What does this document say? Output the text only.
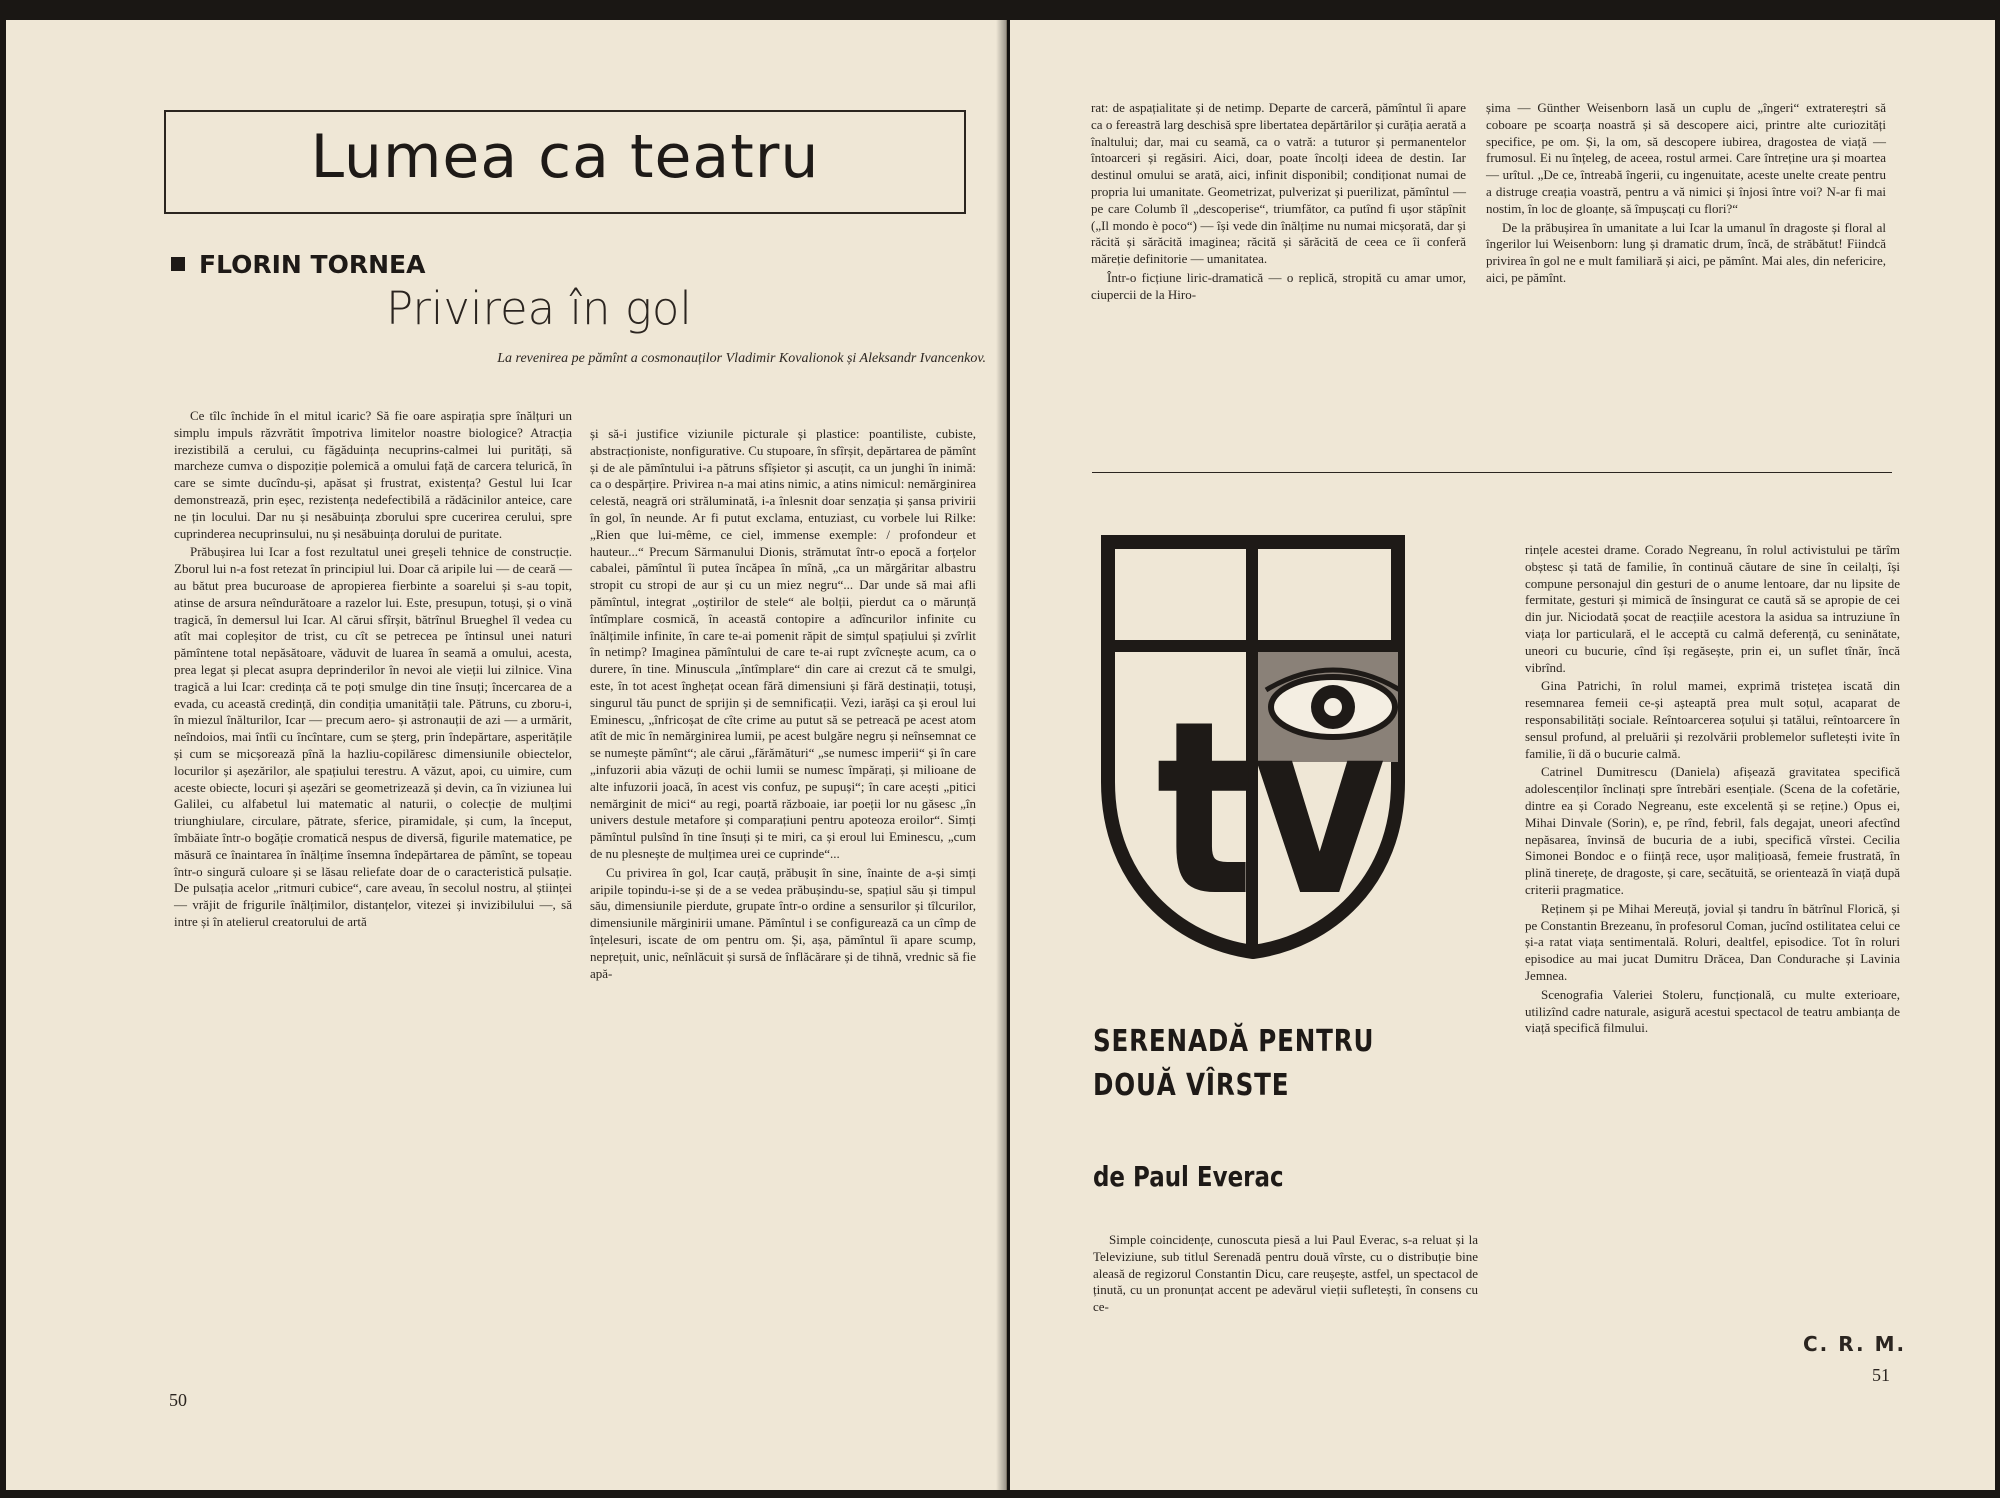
Lumea ca teatru
FLORIN TORNEA
Privirea în gol
La revenirea pe pămînt a cosmonauților Vladimir Kovalionok și Aleksandr Ivancenkov.

Ce tîlc închide în el mitul icaric? Să fie oare aspirația spre înălțuri un simplu impuls răzvrătit împotriva limitelor noastre biologice? Atracția irezistibilă a cerului, cu făgăduința necuprins-calmei lui purități, să marcheze cumva o dispoziție polemică a omului față de carcera telurică, în care se simte ducîndu-și, apăsat și frustrat, existența? Gestul lui Icar demonstrează, prin eșec, rezistența nedefectibilă a rădăcinilor anteice, care ne țin locului. Dar nu și nesăbuința zborului spre cucerirea cerului, spre cuprinderea necuprinsului, nu și nesăbuința dorului de puritate.

Prăbușirea lui Icar a fost rezultatul unei greșeli tehnice de construcție. Zborul lui n-a fost retezat în principiul lui. Doar că aripile lui — de ceară — au bătut prea bucuroase de apropierea fierbinte a soarelui și s-au topit, atinse de arsura neîndurătoare a razelor lui. Este, presupun, totuși, și o vină tragică, în demersul lui Icar. Al cărui sfîrșit, bătrînul Brueghel îl vedea cu atît mai copleșitor de trist, cu cît se petrecea pe întinsul unei naturi pămîntene total nepăsătoare, văduvit de luarea în seamă a omului, acesta, prea legat și plecat asupra deprinderilor în nevoi ale vieții lui zilnice. Vina tragică a lui Icar: credința că te poți smulge din tine însuți; încercarea de a evada, cu această credință, din condiția umanității tale. Pătruns, cu zboru-i, în miezul înălturilor, Icar — precum aero- și astronauții de azi — a urmărit, neîndoios, mai întîi cu încîntare, cum se șterg, prin îndepărtare, asperitățile și cum se micșorează pînă la hazliu-copilăresc dimensiunile obiectelor, locurilor și așezărilor, ale spațiului terestru. A văzut, apoi, cu uimire, cum aceste obiecte, locuri și așezări se geometrizează și devin, ca în viziunea lui Galilei, cu alfabetul lui matematic al naturii, o colecție de mulțimi triunghiulare, circulare, pătrate, sferice, piramidale, și cum, la început, îmbăiate într-o bogăție cromatică nespus de diversă, figurile matematice, pe măsură ce înaintarea în înălțime însemna îndepărtarea de pămînt, se topeau într-o singură culoare și se lăsau reliefate doar de o caracteristică pulsație. De pulsația acelor „ritmuri cubice“, care aveau, în secolul nostru, al științei — vrăjit de frigurile înălțimilor, distanțelor, vitezei și invizibilului —, să intre și în atelierul creatorului de artă

și să-i justifice viziunile picturale și plastice: poantiliste, cubiste, abstracționiste, nonfigurative. Cu stupoare, în sfîrșit, depărtarea de pămînt și de ale pămîntului i-a pătruns sfîșietor și ascuțit, ca un junghi în inimă: ca o despărțire. Privirea n-a mai atins nimic, a atins nimicul: nemărginirea celestă, neagră ori străluminată, i-a înlesnit doar senzația și șansa privirii în gol, în neunde. Ar fi putut exclama, entuziast, cu vorbele lui Rilke: „Rien que lui-même, ce ciel, immense exemple: / profondeur et hauteur...“ Precum Sărmanului Dionis, strămutat într-o epocă a forțelor cabalei, pămîntul îi putea încăpea în mînă, „ca un mărgăritar albastru stropit cu stropi de aur și cu un miez negru“... Dar unde să mai afli pămîntul, integrat „oștirilor de stele“ ale bolții, pierdut ca o mărunță întîmplare cosmică, în această contopire a adîncurilor infinite cu înălțimile infinite, în care te-ai pomenit răpit de simțul spațiului și zvîrlit în netimp? Imaginea pămîntului de care te-ai rupt zvîcnește acum, ca o durere, în tine. Minuscula „întîmplare“ din care ai crezut că te smulgi, este, în tot acest înghețat ocean fără dimensiuni și fără destinații, totuși, singurul tău punct de sprijin și de semnificații. Vezi, iarăși ca și eroul lui Eminescu, „înfricoșat de cîte crime au putut să se petreacă pe acest atom atît de mic în nemărginirea lumii, pe acest bulgăre negru și neînsemnat ce se numește pămînt“; ale cărui „fărămături“ „se numesc imperii“ și în care „infuzorii abia văzuți de ochii lumii se numesc împărați, și milioane de alte infuzorii joacă, în acest vis confuz, pe supuși“; în care acești „pitici nemărginit de mici“ au regi, poartă războaie, iar poeții lor nu găsesc „în univers destule metafore și comparațiuni pentru apoteoza eroilor“. Simți pămîntul pulsînd în tine însuți și te miri, ca și eroul lui Eminescu, „cum de nu plesnește de mulțimea urei ce cuprinde“...

Cu privirea în gol, Icar cauță, prăbușit în sine, înainte de a-și simți aripile topindu-i-se și de a se vedea prăbușindu-se, spațiul său și timpul său, dimensiunile pierdute, grupate într-o ordine a sensurilor și tîlcurilor, dimensiunile mărginirii umane. Pămîntul i se configurează ca un cîmp de înțelesuri, iscate de om pentru om. Și, așa, pămîntul îi apare scump, neprețuit, unic, neînlăcuit și sursă de înflăcărare și de tihnă, vrednic să fie apă-

50

rat: de aspațialitate și de netimp. Departe de carceră, pămîntul îi apare ca o fereastră larg deschisă spre libertatea depărtărilor și curăția aerată a înaltului; dar, mai cu seamă, ca o vatră: a tuturor și permanentelor întoarceri și regăsiri. Aici, doar, poate încolți ideea de destin. Iar destinul omului se arată, aici, infinit disponibil; condiționat numai de propria lui umanitate. Geometrizat, pulverizat și puerilizat, pămîntul — pe care Columb îl „descoperise“, triumfător, ca putînd fi ușor stăpînit („Il mondo è poco“) — își vede din înălțime nu numai micșorată, dar și răcită și sărăcită imaginea; răcită și sărăcită de ceea ce îi conferă măreție definitorie — umanitatea.

Într-o ficțiune liric-dramatică — o replică, stropită cu amar umor, ciupercii de la Hiro-

șima — Günther Weisenborn lasă un cuplu de „îngeri“ extratereștri să coboare pe scoarța noastră și să descopere aici, printre alte curiozități specifice, pe om. Și, la om, să descopere iubirea, dragostea de viață — frumosul. Ei nu înțeleg, de aceea, rostul armei. Care întreține ura și moartea — urîtul. „De ce, întreabă îngerii, cu ingenuitate, aceste unelte create pentru a distruge creația voastră, pentru a vă nimici și înjosi între voi? N-ar fi mai nostim, în loc de gloanțe, să împușcați cu flori?“

De la prăbușirea în umanitate a lui Icar la umanul în dragoste și floral al îngerilor lui Weisenborn: lung și dramatic drum, încă, de străbătut! Fiindcă privirea în gol ne e mult familiară și aici, pe pămînt. Mai ales, din nefericire, aici, pe pămînt.

tv
SERENADĂ PENTRU DOUĂ VÎRSTE
de Paul Everac

Simple coincidențe, cunoscuta piesă a lui Paul Everac, s-a reluat și la Televiziune, sub titlul Serenadă pentru două vîrste, cu o distribuție bine aleasă de regizorul Constantin Dicu, care reușește, astfel, un spectacol de ținută, cu un pronunțat accent pe adevărul vieții sufletești, în consens cu ce-

rințele acestei drame. Corado Negreanu, în rolul activistului pe tărîm obștesc și tată de familie, în continuă căutare de sine în ceilalți, își compune personajul din gesturi de o anume lentoare, dar nu lipsite de fermitate, gesturi și mimică de însingurat ce caută să se apropie de cei din jur. Niciodată șocat de reacțiile acestora la asidua sa intruziune în viața lor particulară, el le acceptă cu calmă deferență, cu seninătate, uneori cu bucurie, cînd își regăsește, prin ei, un suflet tînăr, încă vibrînd.

Gina Patrichi, în rolul mamei, exprimă tristețea iscată din resemnarea femeii ce-și așteaptă prea mult soțul, acaparat de responsabilități sociale. Reîntoarcerea soțului și tatălui, reîntoarcere în sensul profund, al preluării și rezolvării problemelor sufletești ivite în familie, îi dă o bucurie calmă.

Catrinel Dumitrescu (Daniela) afișează gravitatea specifică adolescenților înclinați spre întrebări esențiale. (Scena de la cofetărie, dintre ea și Corado Negreanu, este excelentă și se reține.) Opus ei, Mihai Dinvale (Sorin), e, pe rînd, febril, fals degajat, uneori afectînd nepăsarea, învinsă de bucuria de a iubi, specifică vîrstei. Cecilia Simonei Bondoc e o ființă rece, ușor malițioasă, femeie frustrată, în plină tinerețe, de dragoste, și care, secătuită, se orientează în viață după criterii pragmatice.

Reținem și pe Mihai Mereuță, jovial și tandru în bătrînul Florică, și pe Constantin Brezeanu, în profesorul Coman, jucînd ostilitatea celui ce și-a ratat viața sentimentală. Roluri, dealtfel, episodice. Tot în roluri episodice au mai jucat Dumitru Drăcea, Dan Condurache și Lavinia Jemnea.

Scenografia Valeriei Stoleru, funcțională, cu multe exterioare, utilizînd cadre naturale, asigură acestui spectacol de teatru ambianța de viață specifică filmului.

C. R. M.
51
